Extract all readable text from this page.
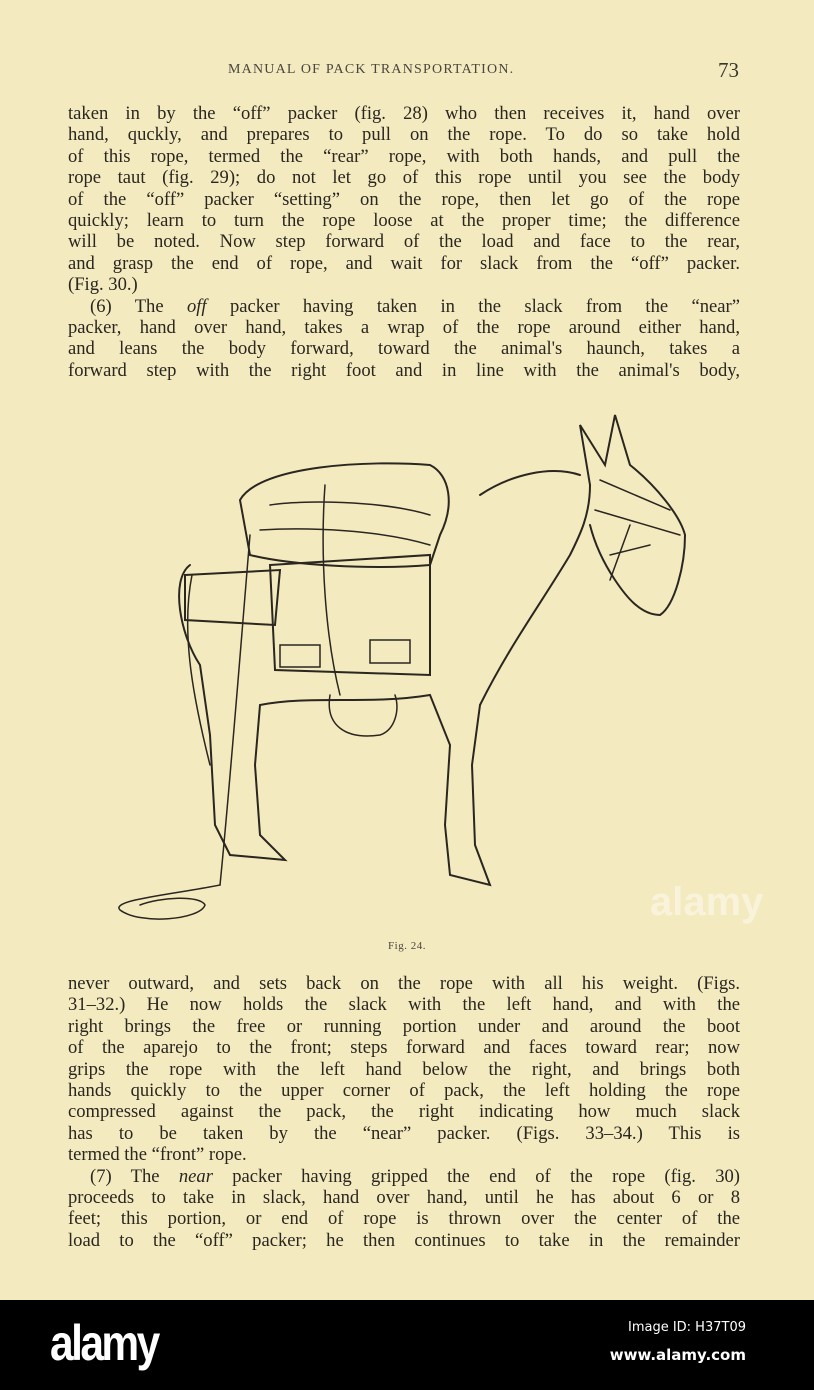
MANUAL OF PACK TRANSPORTATION.	73
taken in by the “off” packer (fig. 28) who then receives it, hand over
hand, quckly, and prepares to pull on the rope. To do so take hold
of this rope, termed the “rear” rope, with both hands, and pull the
rope taut (fig. 29); do not let go of this rope until you see the body
of the “off” packer “setting” on the rope, then let go of the rope
quickly; learn to turn the rope loose at the proper time; the difference
will be noted. Now step forward of the load and face to the rear,
and grasp the end of rope, and wait for slack from the “off” packer.
(Fig. 30.)
(6) The off packer having taken in the slack from the “near”
packer, hand over hand, takes a wrap of the rope around either hand,
and leans the body forward, toward the animal's haunch, takes a
forward step with the right foot and in line with the animal's body,
Fig. 24.
never outward, and sets back on the rope with all his weight. (Figs.
31–32.) He now holds the slack with the left hand, and with the
right brings the free or running portion under and around the boot
of the aparejo to the front; steps forward and faces toward rear; now
grips the rope with the left hand below the right, and brings both
hands quickly to the upper corner of pack, the left holding the rope
compressed against the pack, the right indicating how much slack
has to be taken by the “near” packer. (Figs. 33–34.) This is
termed the “front” rope.
(7) The near packer having gripped the end of the rope (fig. 30)
proceeds to take in slack, hand over hand, until he has about 6 or 8
feet; this portion, or end of rope is thrown over the center of the
load to the “off” packer; he then continues to take in the remainder
alamy
alamy	Image ID: H37T09
www.alamy.com
